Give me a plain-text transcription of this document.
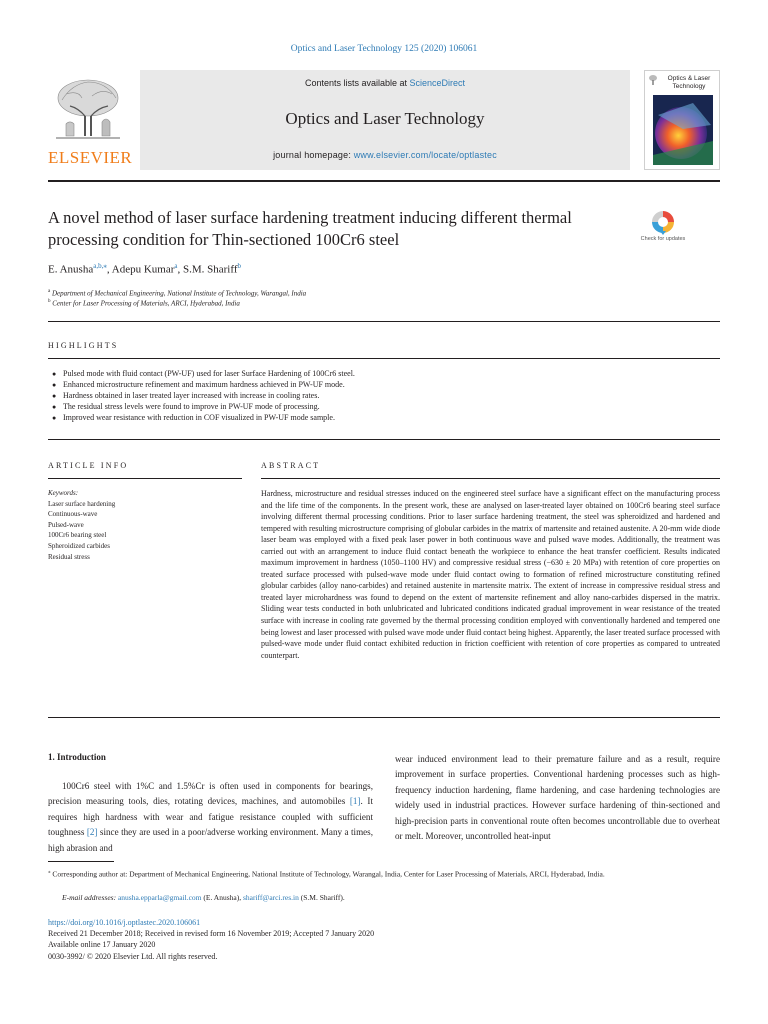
Optics and Laser Technology 125 (2020) 106061
ELSEVIER
Contents lists available at ScienceDirect
Optics and Laser Technology
journal homepage: www.elsevier.com/locate/optlastec
Optics & Laser Technology
A novel method of laser surface hardening treatment inducing different thermal processing condition for Thin-sectioned 100Cr6 steel	Check for updates
E. Anusha$^{a,b,⁎}$, Adepu Kumar$^a$, S.M. Shariff$^b$
$^a$ Department of Mechanical Engineering, National Institute of Technology, Warangal, India
$^b$ Center for Laser Processing of Materials, ARCI, Hyderabad, India
HIGHLIGHTS
● Pulsed mode with fluid contact (PW-UF) used for laser Surface Hardening of 100Cr6 steel.
● Enhanced microstructure refinement and maximum hardness achieved in PW-UF mode.
● Hardness obtained in laser treated layer increased with increase in cooling rates.
● The residual stress levels were found to improve in PW-UF mode of processing.
● Improved wear resistance with reduction in COF visualized in PW-UF mode sample.
ARTICLE INFO	ABSTRACT
Keywords:
Laser surface hardening
Continuous-wave
Pulsed-wave
100Cr6 bearing steel
Spheroidized carbides
Residual stress
Hardness, microstructure and residual stresses induced on the engineered steel surface have a significant effect on the manufacturing process and the life time of the components. In the present work, these are analysed on laser-treated layer obtained on 100Cr6 bearing steel surface involving different thermal processing conditions. Prior to laser surface hardening treatment, the steel was spheroidized and hardened and tempered with resulting microstructure comprising of globular carbides in the matrix of martensite and retained austenite. A 20-mm wide diode laser beam was employed with a fixed peak laser power in both continuous wave and pulsed wave modes. Additionally, the treatment was carried out with an arrangement to induce fluid contact beneath the workpiece to enhance the heat transfer coefficient. Results indicated maximum improvement in hardness (1050–1100 HV) and compressive residual stress (−630 ± 20 MPa) with retention of core properties on treated surface processed with pulsed-wave mode under fluid contact owing to formation of refined microstructure constituting refined globular carbides (alloy nano-carbides) and retained austenite in martensite matrix. The extent of increase in compressive residual stress and treated layer microhardness was found to depend on the extent of martensite refinement and alloy nano-carbides dispersed in the matrix. Sliding wear tests conducted in both unlubricated and lubricated conditions indicated gradual improvement in wear resistance of the treated surface with increase in cooling rate governed by the thermal processing condition employed with conventionally hardened and tempered one being lowest and laser processed with pulsed wave mode under fluid contact being highest. Apparently, the laser treated surface processed with pulsed-wave mode under fluid contact exhibited reduction in friction coefficient with retention of core properties as compared to untreated counterpart.
1. Introduction
100Cr6 steel with 1%C and 1.5%Cr is often used in components for bearings, precision measuring tools, dies, rotating devices, machines, and automobiles [1]. It requires high hardness with wear and fatigue resistance coupled with sufficient toughness [2] since they are used in a poor/adverse working environment. Many a times, high abrasion and
wear induced environment lead to their premature failure and as a result, require improvement in surface properties. Conventional hardening processes such as high-frequency induction hardening, flame hardening, and case hardening technologies are widely used in industrial practices. However surface hardening of thin-sectioned and high-precision parts in conventional route often becomes uncontrollable due to overheat or melt. Moreover, uncontrolled heat-input
⁎ Corresponding author at: Department of Mechanical Engineering, National Institute of Technology, Warangal, India, Center for Laser Processing of Materials, ARCI, Hyderabad, India.
E-mail addresses: anusha.epparla@gmail.com (E. Anusha), shariff@arci.res.in (S.M. Shariff).
https://doi.org/10.1016/j.optlastec.2020.106061
Received 21 December 2018; Received in revised form 16 November 2019; Accepted 7 January 2020
Available online 17 January 2020
0030-3992/ © 2020 Elsevier Ltd. All rights reserved.
